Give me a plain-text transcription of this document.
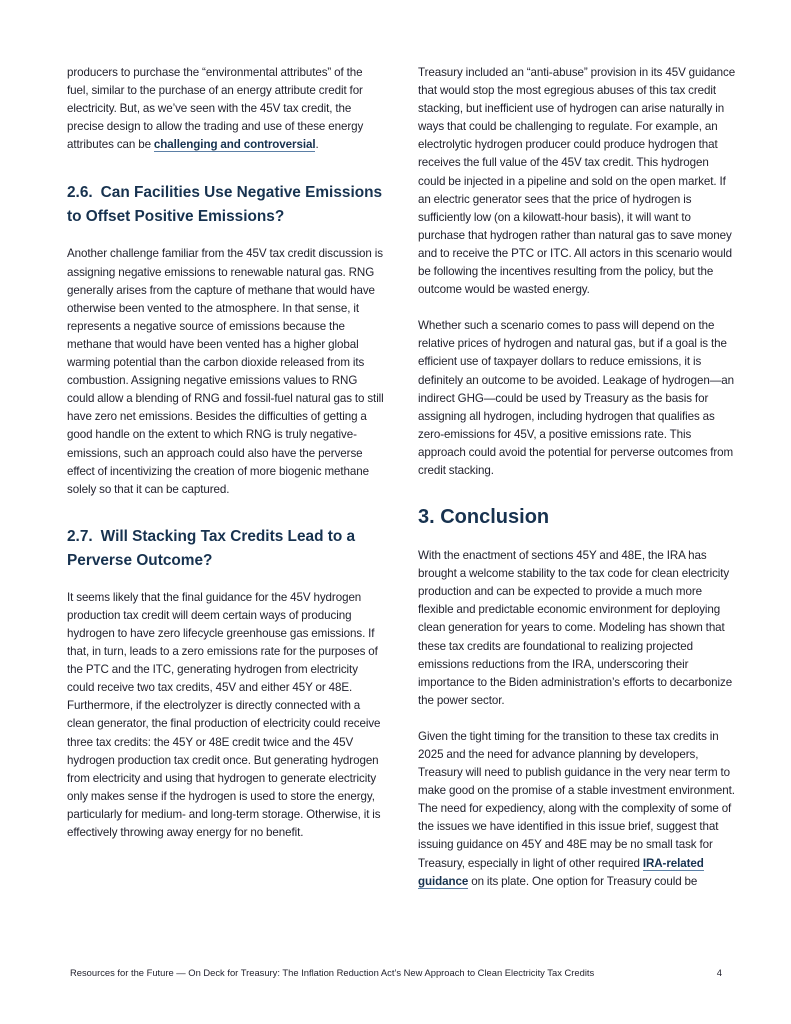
producers to purchase the “environmental attributes” of the fuel, similar to the purchase of an energy attribute credit for electricity. But, as we’ve seen with the 45V tax credit, the precise design to allow the trading and use of these energy attributes can be challenging and controversial.

2.6. Can Facilities Use Negative Emissions to Offset Positive Emissions?

Another challenge familiar from the 45V tax credit discussion is assigning negative emissions to renewable natural gas. RNG generally arises from the capture of methane that would have otherwise been vented to the atmosphere. In that sense, it represents a negative source of emissions because the methane that would have been vented has a higher global warming potential than the carbon dioxide released from its combustion. Assigning negative emissions values to RNG could allow a blending of RNG and fossil-fuel natural gas to still have zero net emissions. Besides the difficulties of getting a good handle on the extent to which RNG is truly negative-emissions, such an approach could also have the perverse effect of incentivizing the creation of more biogenic methane solely so that it can be captured.

2.7. Will Stacking Tax Credits Lead to a Perverse Outcome?

It seems likely that the final guidance for the 45V hydrogen production tax credit will deem certain ways of producing hydrogen to have zero lifecycle greenhouse gas emissions. If that, in turn, leads to a zero emissions rate for the purposes of the PTC and the ITC, generating hydrogen from electricity could receive two tax credits, 45V and either 45Y or 48E. Furthermore, if the electrolyzer is directly connected with a clean generator, the final production of electricity could receive three tax credits: the 45Y or 48E credit twice and the 45V hydrogen production tax credit once. But generating hydrogen from electricity and using that hydrogen to generate electricity only makes sense if the hydrogen is used to store the energy, particularly for medium- and long-term storage. Otherwise, it is effectively throwing away energy for no benefit.

Treasury included an “anti-abuse” provision in its 45V guidance that would stop the most egregious abuses of this tax credit stacking, but inefficient use of hydrogen can arise naturally in ways that could be challenging to regulate. For example, an electrolytic hydrogen producer could produce hydrogen that receives the full value of the 45V tax credit. This hydrogen could be injected in a pipeline and sold on the open market. If an electric generator sees that the price of hydrogen is sufficiently low (on a kilowatt-hour basis), it will want to purchase that hydrogen rather than natural gas to save money and to receive the PTC or ITC. All actors in this scenario would be following the incentives resulting from the policy, but the outcome would be wasted energy.

Whether such a scenario comes to pass will depend on the relative prices of hydrogen and natural gas, but if a goal is the efficient use of taxpayer dollars to reduce emissions, it is definitely an outcome to be avoided. Leakage of hydrogen—an indirect GHG—could be used by Treasury as the basis for assigning all hydrogen, including hydrogen that qualifies as zero-emissions for 45V, a positive emissions rate. This approach could avoid the potential for perverse outcomes from credit stacking.

3. Conclusion

With the enactment of sections 45Y and 48E, the IRA has brought a welcome stability to the tax code for clean electricity production and can be expected to provide a much more flexible and predictable economic environment for deploying clean generation for years to come. Modeling has shown that these tax credits are foundational to realizing projected emissions reductions from the IRA, underscoring their importance to the Biden administration’s efforts to decarbonize the power sector.

Given the tight timing for the transition to these tax credits in 2025 and the need for advance planning by developers, Treasury will need to publish guidance in the very near term to make good on the promise of a stable investment environment. The need for expediency, along with the complexity of some of the issues we have identified in this issue brief, suggest that issuing guidance on 45Y and 48E may be no small task for Treasury, especially in light of other required IRA-related guidance on its plate. One option for Treasury could be

Resources for the Future — On Deck for Treasury: The Inflation Reduction Act’s New Approach to Clean Electricity Tax Credits	4
